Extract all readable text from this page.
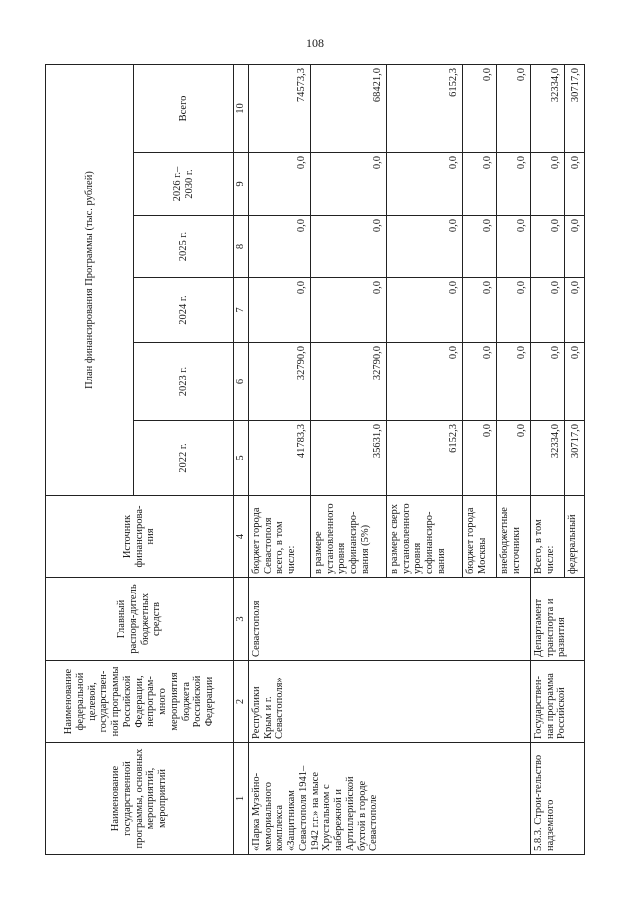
108
Наименование государственной программы, основных мероприятий, мероприятий	Наименование федеральной целевой, государствен-ной программы Российской Федерации, непрограм-много мероприятия бюджета Российской Федерации	Главный распоря-дитель бюджетных средств	Источник финансирова-ния	План финансирования Программы (тыс. рублей)					
				2022 г.	2023 г.	2024 г.	2025 г.	2026 г.– 2030 г.	Всего
1	2	3	4	5	6	7	8	9	10
«Парка Музейно-мемориального комплекса «Защитникам Севастополя 1941–1942 г.г.» на мысе Хрустальном с набережной и Артиллерийской бухтой в городе Севастополе	Республики Крым и г. Севастополя»	Севастополя	бюджет города Севастополя всего, в том числе:	41783,3	32790,0	0,0	0,0	0,0	74573,3
			в размере установленного уровня софинансиро-вания (5%)	35631,0	32790,0	0,0	0,0	0,0	68421,0
			в размере сверх установленного уровня софинансиро-вания	6152,3	0,0	0,0	0,0	0,0	6152,3
			бюджет города Москвы	0,0	0,0	0,0	0,0	0,0	0,0
			внебюджетные источники	0,0	0,0	0,0	0,0	0,0	0,0
5.8.3. Строи-тельство надземного	Государствен-ная программа Российской	Департамент транспорта и развития	Всего, в том числе:	32334,0	0,0	0,0	0,0	0,0	32334,0
			федеральный	30717,0	0,0	0,0	0,0	0,0	30717,0
